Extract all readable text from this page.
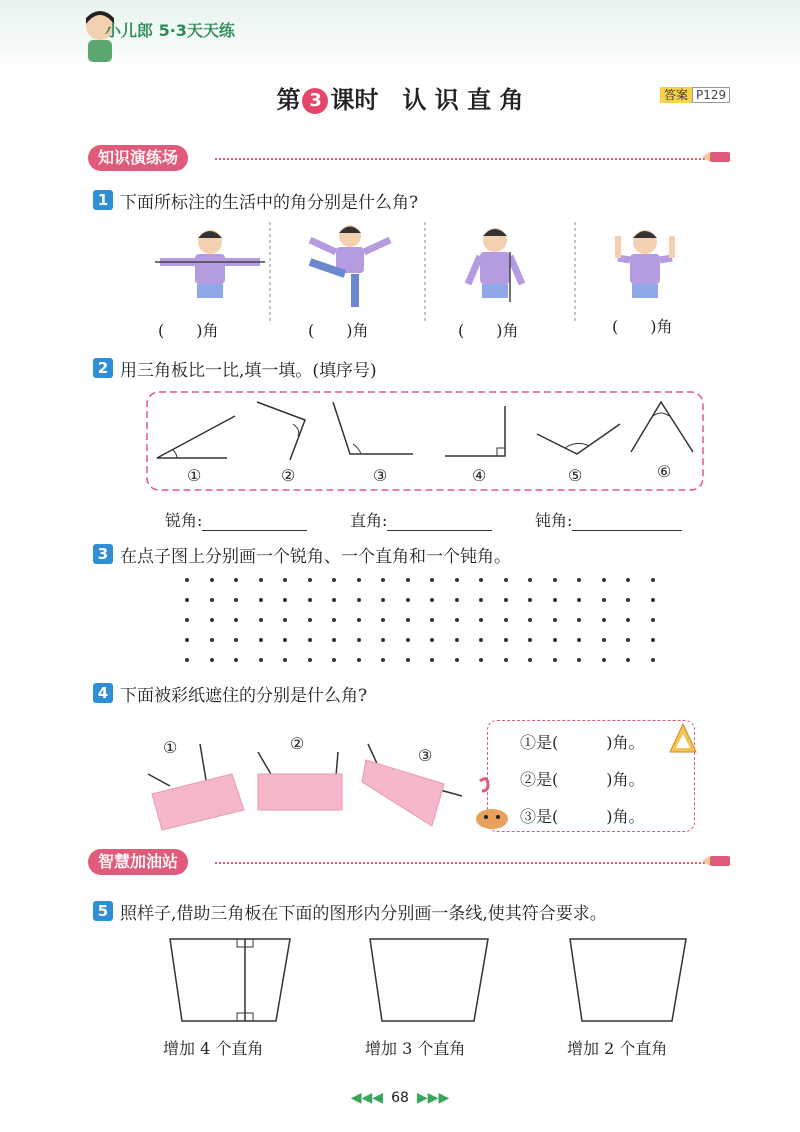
小儿郎 5·3天天练
第 3 课时　认 识 直 角	答案 P129
知识演练场
1 下面所标注的生活中的角分别是什么角?
(　　)角	(　　)角	(　　)角	(　　)角
2 用三角板比一比,填一填。(填序号)
①	②	③	④	⑤	⑥
锐角:	直角:	钝角:
3 在点子图上分别画一个锐角、一个直角和一个钝角。
4 下面被彩纸遮住的分别是什么角?
①	②
③
①是(　　　)角。
②是(　　　)角。
③是(　　　)角。
智慧加油站
5 照样子,借助三角板在下面的图形内分别画一条线,使其符合要求。
增加 4 个直角	增加 3 个直角	增加 2 个直角
◀◀◀ 68 ▶▶▶
